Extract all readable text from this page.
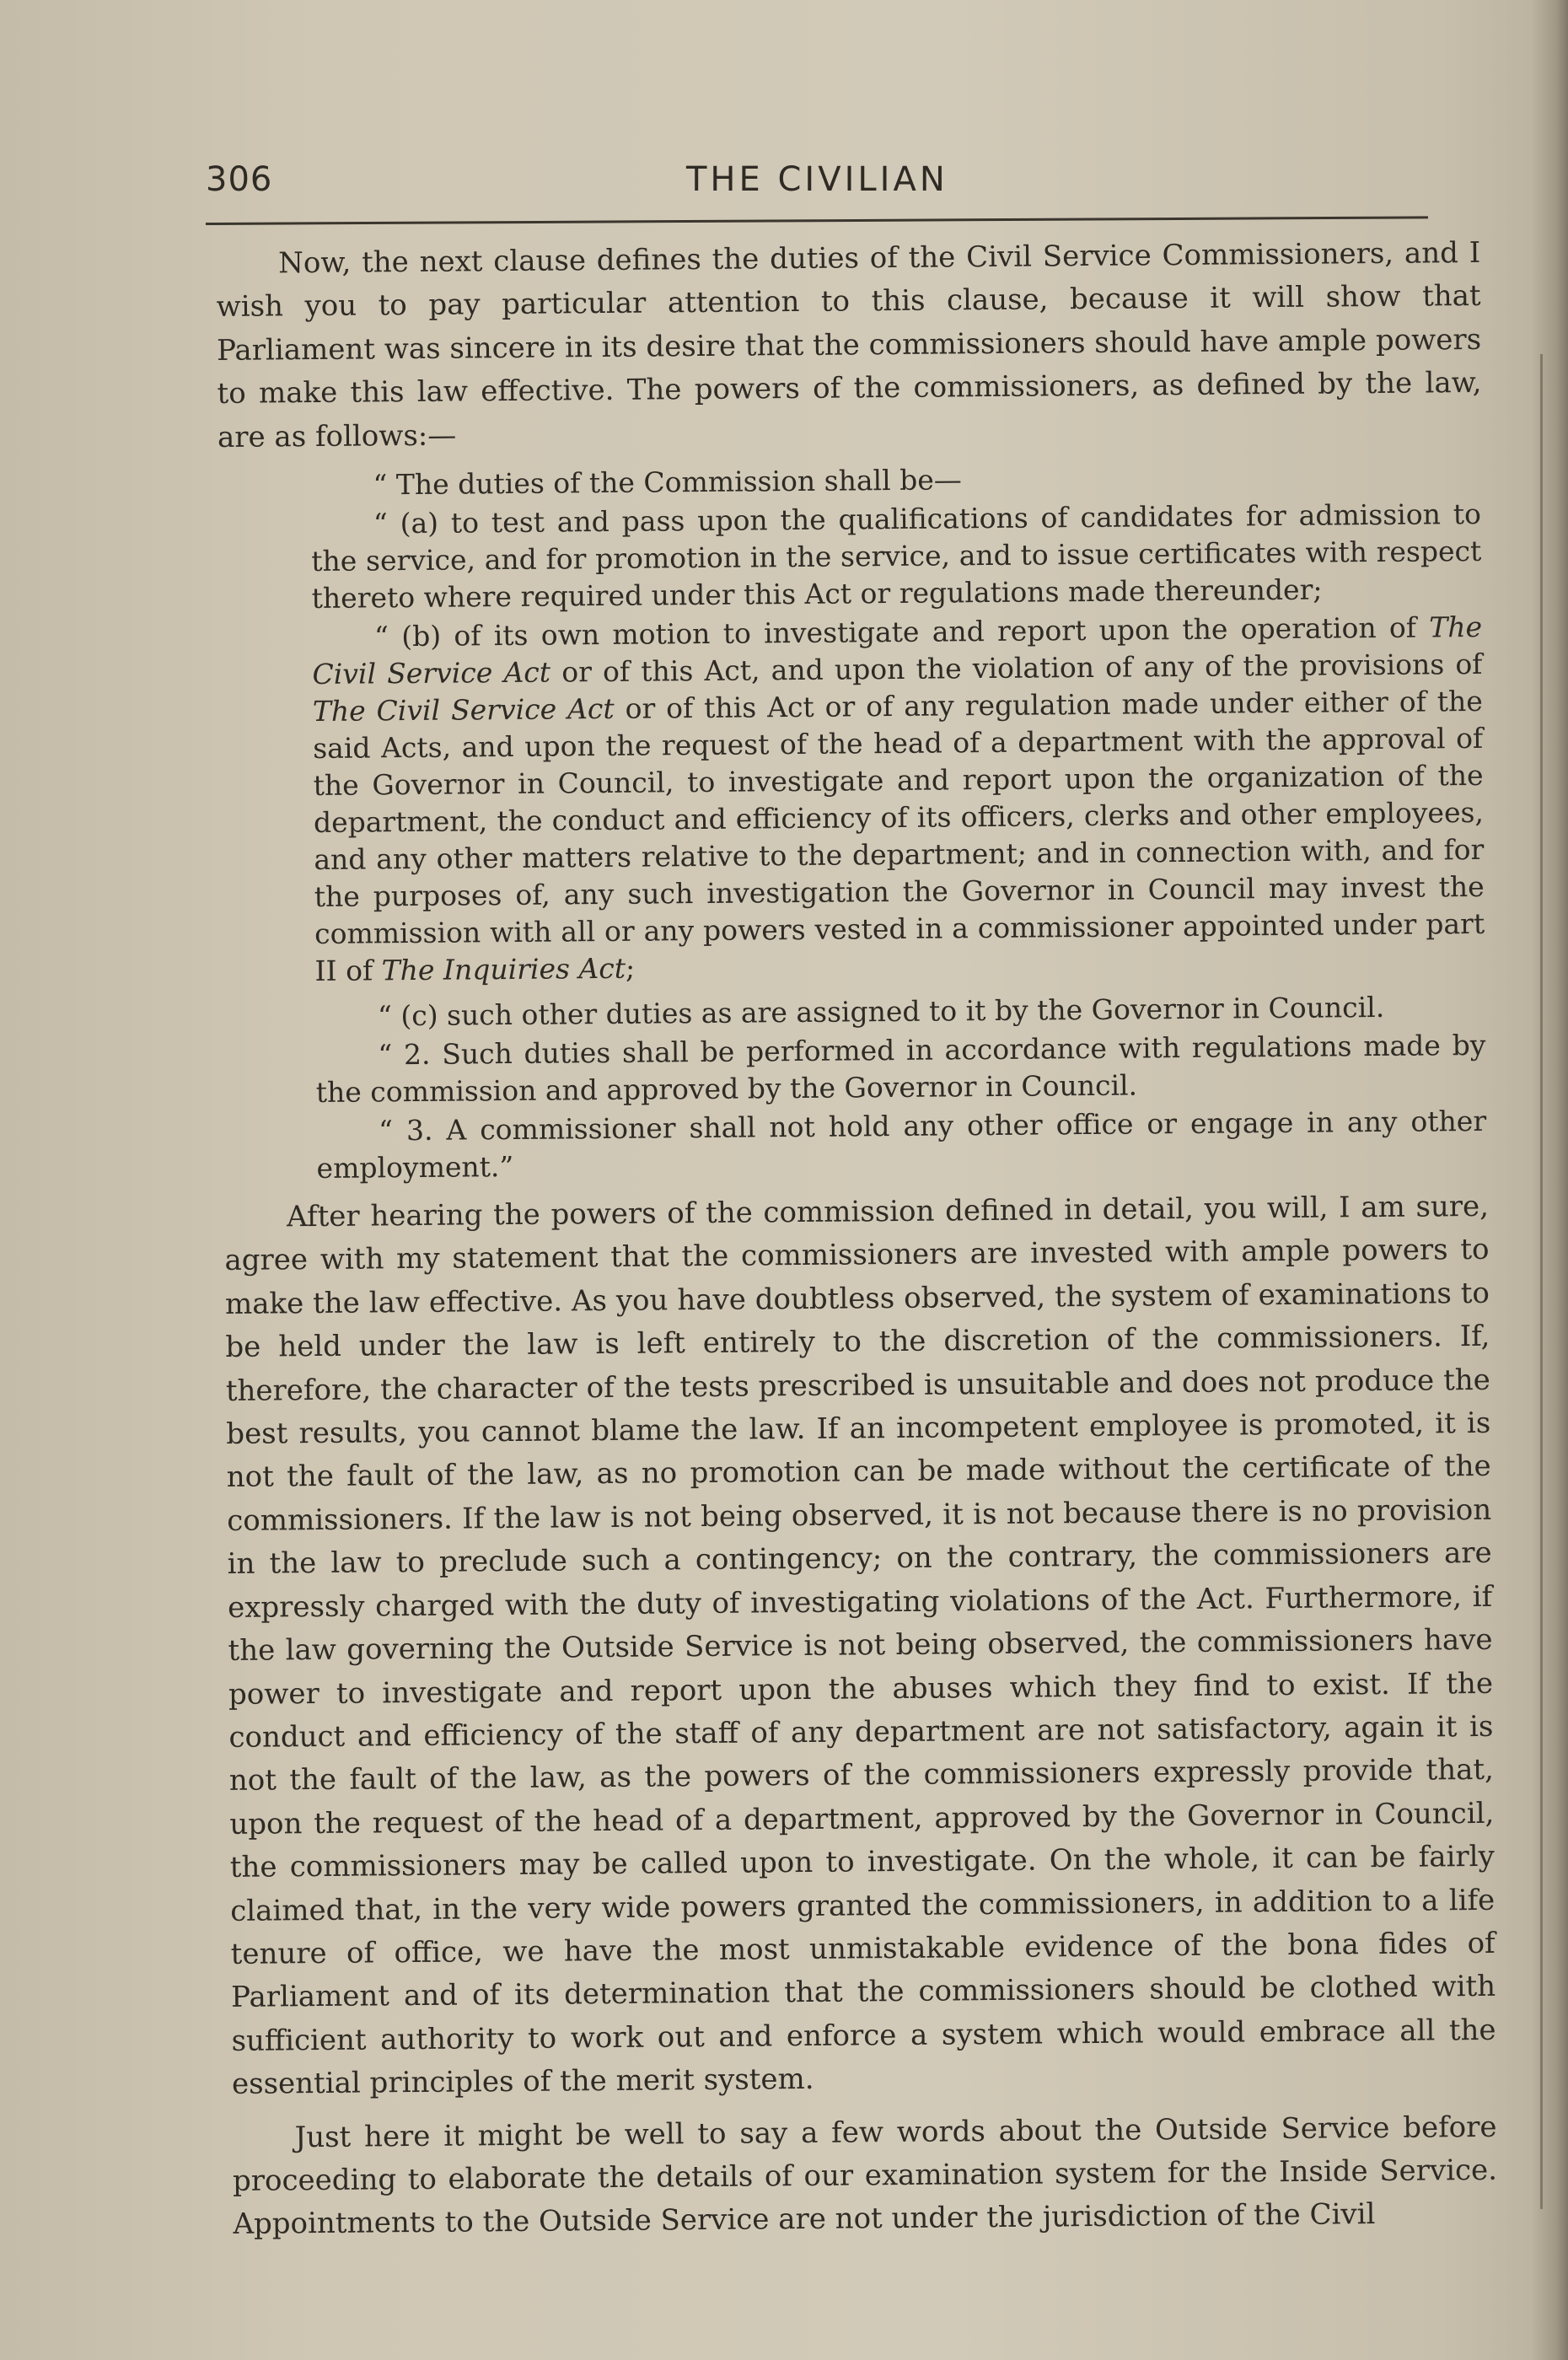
306	THE CIVILIAN

Now, the next clause defines the duties of the Civil Service Commissioners, and I wish you to pay particular attention to this clause, because it will show that Parliament was sincere in its desire that the commissioners should have ample powers to make this law effective. The powers of the commissioners, as defined by the law, are as follows:—

“ The duties of the Commission shall be—

“ (a) to test and pass upon the qualifications of candidates for admission to the service, and for promotion in the service, and to issue certificates with respect thereto where required under this Act or regulations made thereunder;

“ (b) of its own motion to investigate and report upon the operation of The Civil Service Act or of this Act, and upon the violation of any of the provisions of The Civil Service Act or of this Act or of any regulation made under either of the said Acts, and upon the request of the head of a department with the approval of the Governor in Council, to investigate and report upon the organization of the department, the conduct and efficiency of its officers, clerks and other employees, and any other matters relative to the department; and in connection with, and for the purposes of, any such investigation the Governor in Council may invest the commission with all or any powers vested in a commissioner appointed under part II of The Inquiries Act;

“ (c) such other duties as are assigned to it by the Governor in Council.

“ 2. Such duties shall be performed in accordance with regulations made by the commission and approved by the Governor in Council.

“ 3. A commissioner shall not hold any other office or engage in any other employment.”

After hearing the powers of the commission defined in detail, you will, I am sure, agree with my statement that the commissioners are invested with ample powers to make the law effective. As you have doubtless observed, the system of examinations to be held under the law is left entirely to the discretion of the commissioners. If, therefore, the character of the tests prescribed is unsuitable and does not produce the best results, you cannot blame the law. If an incompetent employee is promoted, it is not the fault of the law, as no promotion can be made without the certificate of the commissioners. If the law is not being observed, it is not because there is no provision in the law to preclude such a contingency; on the contrary, the commissioners are expressly charged with the duty of investigating violations of the Act. Furthermore, if the law governing the Outside Service is not being observed, the commissioners have power to investigate and report upon the abuses which they find to exist. If the conduct and efficiency of the staff of any department are not satisfactory, again it is not the fault of the law, as the powers of the commissioners expressly provide that, upon the request of the head of a department, approved by the Governor in Council, the commissioners may be called upon to investigate. On the whole, it can be fairly claimed that, in the very wide powers granted the commissioners, in addition to a life tenure of office, we have the most unmistakable evidence of the bona fides of Parliament and of its determination that the commissioners should be clothed with sufficient authority to work out and enforce a system which would embrace all the essential principles of the merit system.

Just here it might be well to say a few words about the Outside Service before proceeding to elaborate the details of our examination system for the Inside Service. Appointments to the Outside Service are not under the jurisdiction of the Civil
